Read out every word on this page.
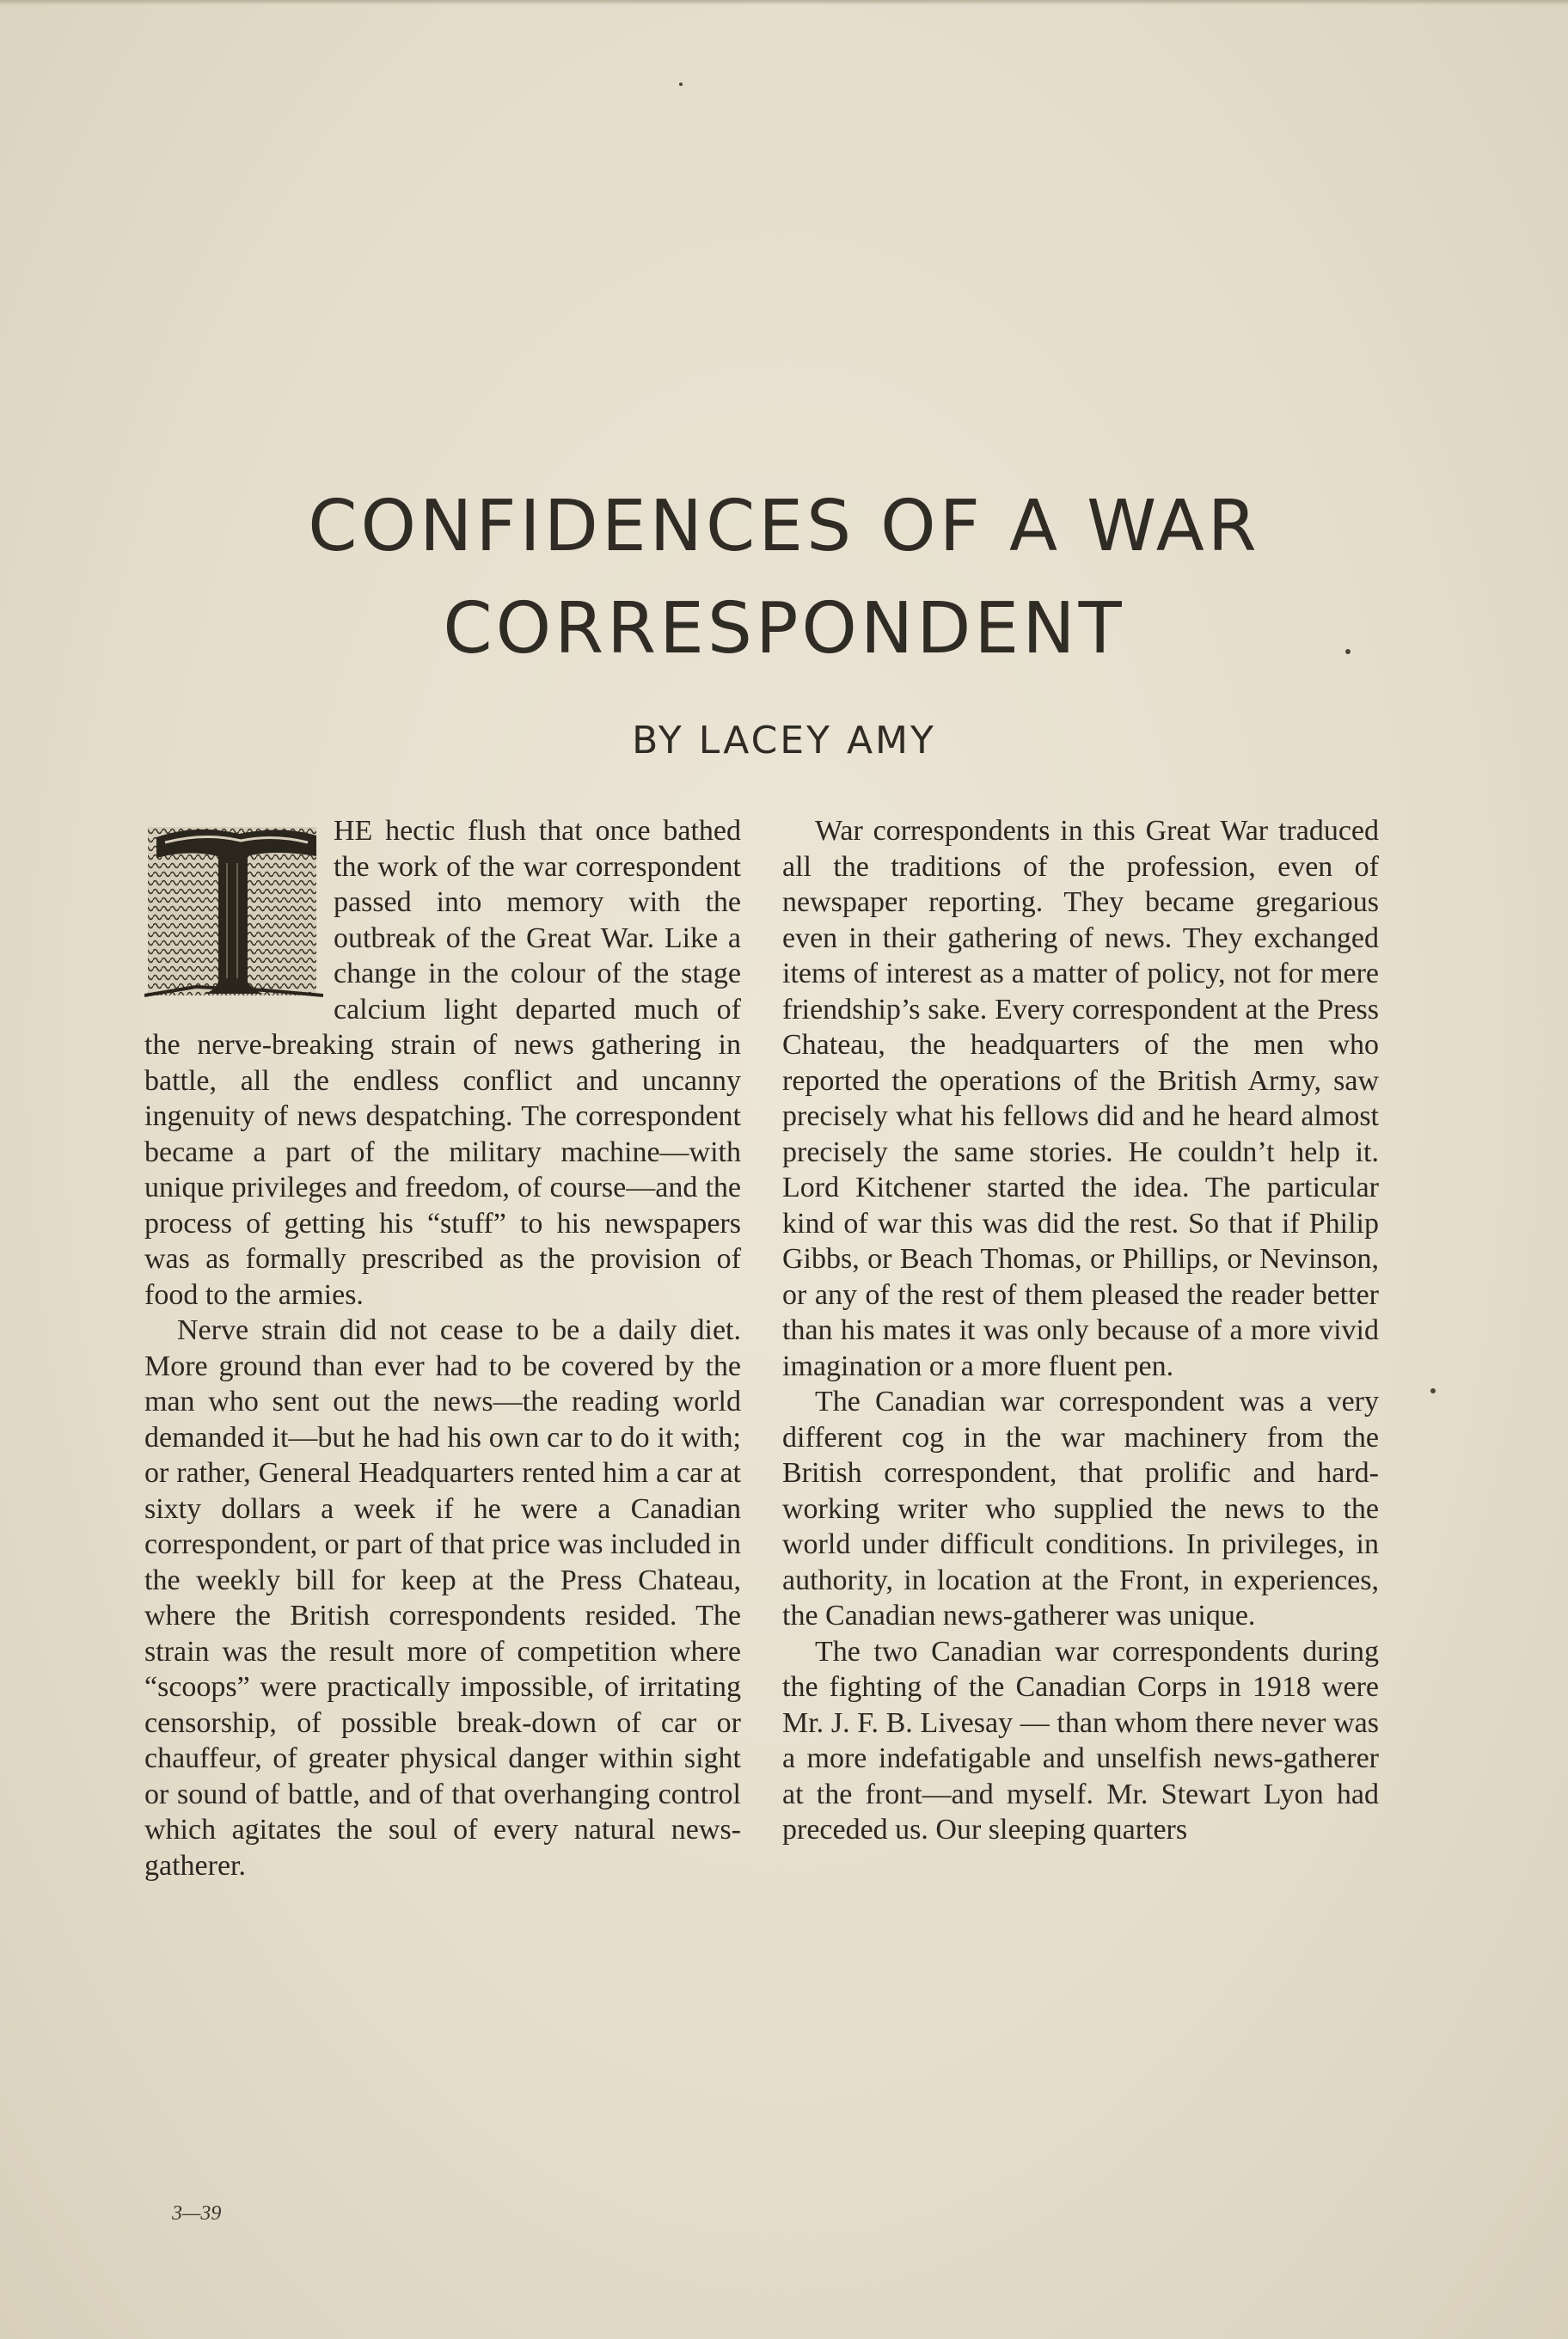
CONFIDENCES OF A WAR
CORRESPONDENT

BY LACEY AMY

HE hectic flush that once bathed the work of the war correspondent passed into memory with the outbreak of the Great War. Like a change in the colour of the stage calcium light departed much of the nerve-breaking strain of news gathering in battle, all the endless conflict and uncanny ingenuity of news despatching. The correspondent became a part of the military machine—with unique privileges and freedom, of course—and the process of getting his “stuff” to his newspapers was as formally prescribed as the provision of food to the armies.

Nerve strain did not cease to be a daily diet. More ground than ever had to be covered by the man who sent out the news—the reading world demanded it—but he had his own car to do it with; or rather, General Headquarters rented him a car at sixty dollars a week if he were a Canadian correspondent, or part of that price was included in the weekly bill for keep at the Press Chateau, where the British correspondents resided. The strain was the result more of competition where “scoops” were practically impossible, of irritating censorship, of possible break-down of car or chauffeur, of greater physical danger within sight or sound of battle, and of that overhanging control which agitates the soul of every natural news-gatherer.

War correspondents in this Great War traduced all the traditions of the profession, even of newspaper reporting. They became gregarious even in their gathering of news. They exchanged items of interest as a matter of policy, not for mere friendship’s sake. Every correspondent at the Press Chateau, the headquarters of the men who reported the operations of the British Army, saw precisely what his fellows did and he heard almost precisely the same stories. He couldn’t help it. Lord Kitchener started the idea. The particular kind of war this was did the rest. So that if Philip Gibbs, or Beach Thomas, or Phillips, or Nevinson, or any of the rest of them pleased the reader better than his mates it was only because of a more vivid imagination or a more fluent pen.

The Canadian war correspondent was a very different cog in the war machinery from the British correspondent, that prolific and hard-working writer who supplied the news to the world under difficult conditions. In privileges, in authority, in location at the Front, in experiences, the Canadian news-gatherer was unique.

The two Canadian war correspondents during the fighting of the Canadian Corps in 1918 were Mr. J. F. B. Livesay — than whom there never was a more indefatigable and unselfish news-gatherer at the front—and myself. Mr. Stewart Lyon had preceded us. Our sleeping quarters

3—39
